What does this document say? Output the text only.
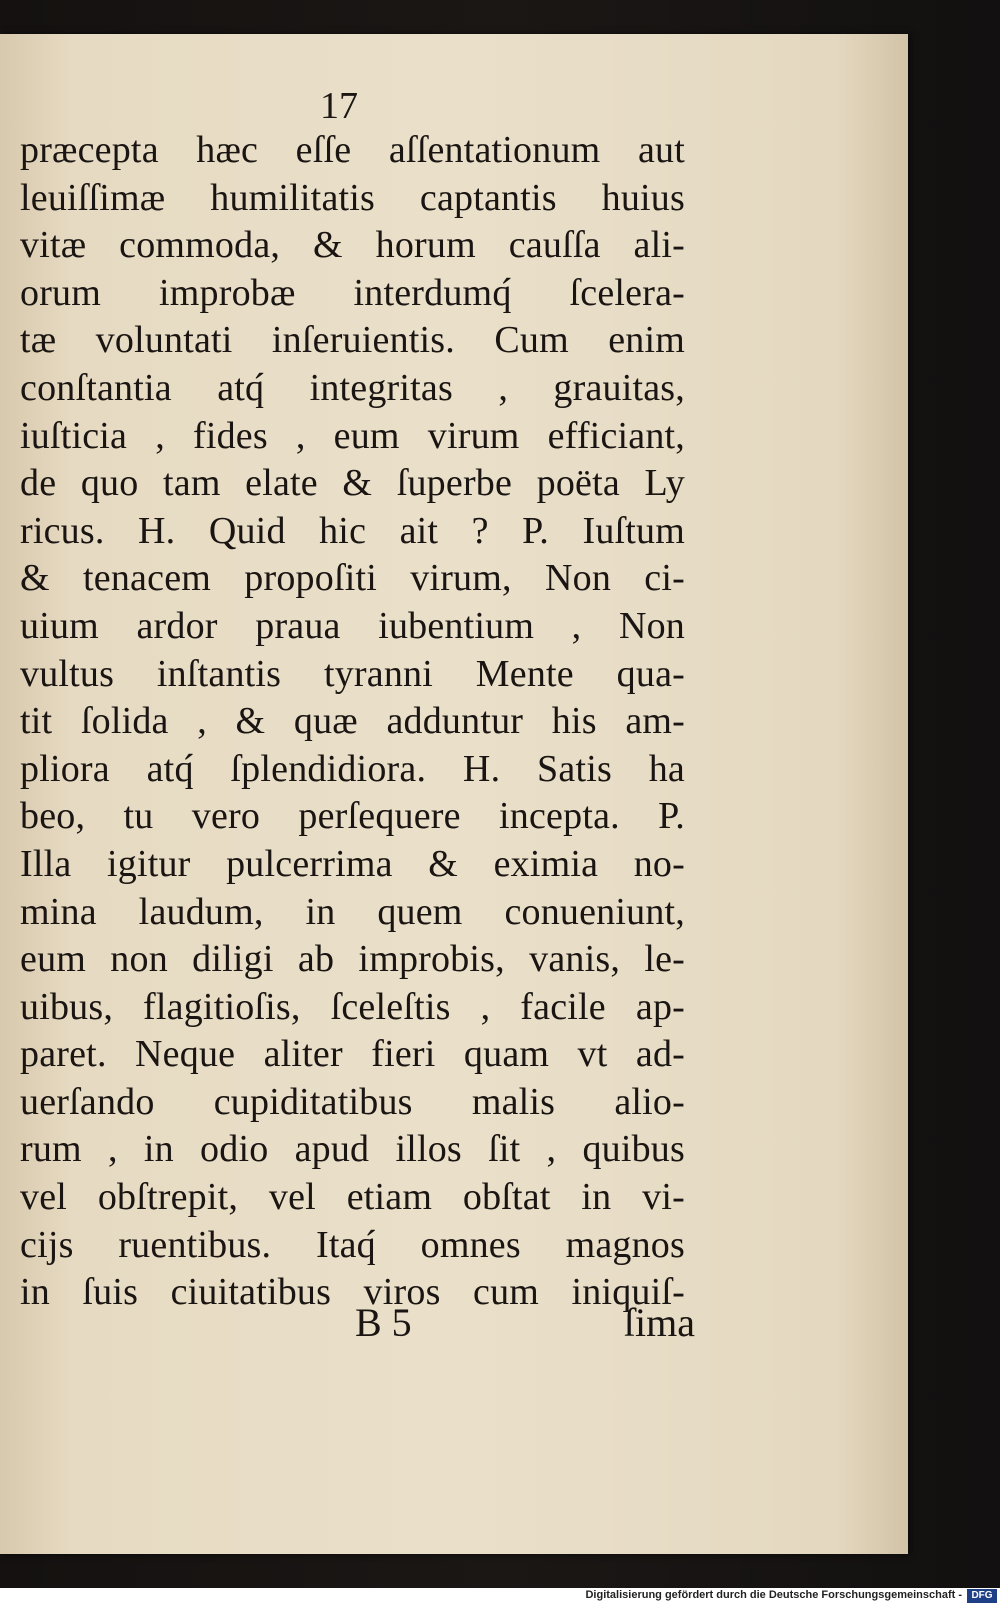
17

præcepta hæc eſſe aſſentationum aut
leuiſſimæ humilitatis captantis huius
vitæ commoda, & horum cauſſa ali-
orum improbæ interdumq́ ſcelera-
tæ voluntati inſeruientis. Cum enim
conſtantia atq́ integritas , grauitas,
iuſticia , fides , eum virum efficiant,
de quo tam elate & ſuperbe poëta Ly
ricus. H. Quid hic ait ? P. Iuſtum
& tenacem propoſiti virum, Non ci-
uium ardor praua iubentium , Non
vultus inſtantis tyranni Mente qua-
tit ſolida , & quæ adduntur his am-
pliora atq́ ſplendidiora. H. Satis ha
beo, tu vero perſequere incepta. P.
Illa igitur pulcerrima & eximia no-
mina laudum, in quem conueniunt,
eum non diligi ab improbis, vanis, le-
uibus, flagitioſis, ſceleſtis , facile ap-
paret. Neque aliter fieri quam vt ad-
uerſando cupiditatibus malis alio-
rum , in odio apud illos ſit , quibus
vel obſtrepit, vel etiam obſtat in vi-
cijs ruentibus. Itaq́ omnes magnos
in ſuis ciuitatibus viros cum iniquiſ-
B 5	ſima
Digitalisierung gefördert durch die Deutsche Forschungsgemeinschaft - DFG
